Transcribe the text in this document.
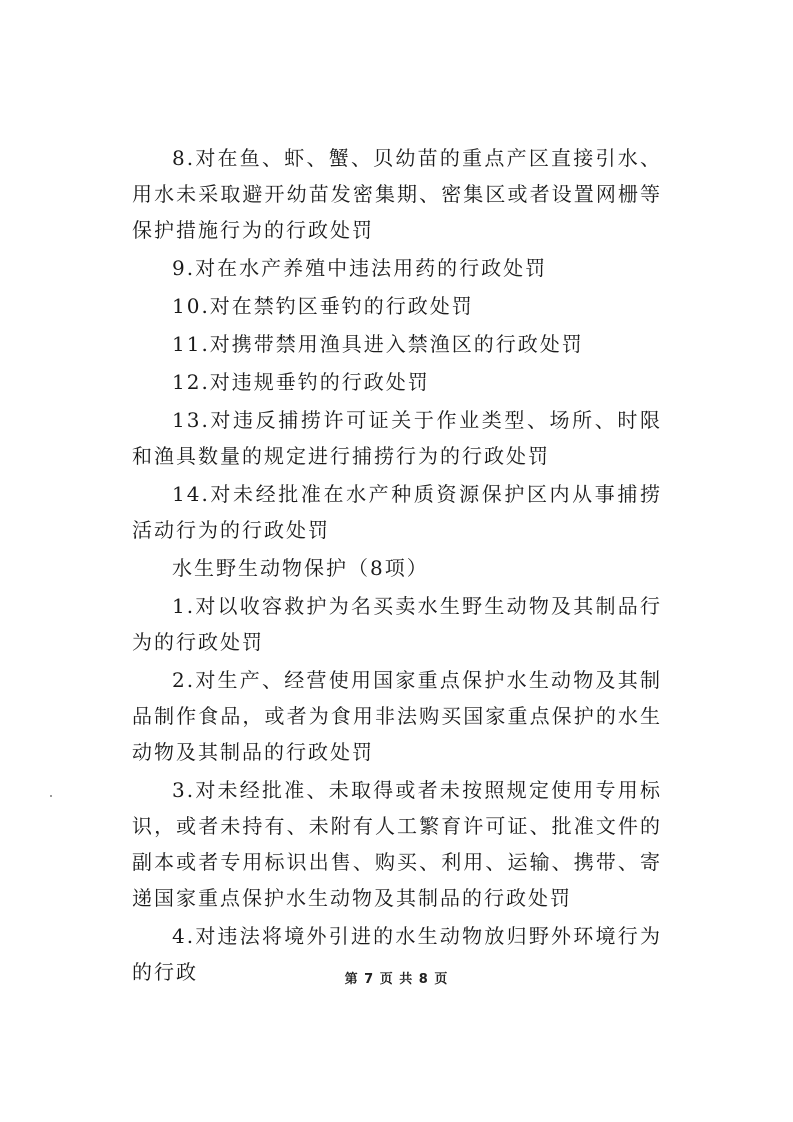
8.对在鱼、虾、蟹、贝幼苗的重点产区直接引水、用水未采取避开幼苗发密集期、密集区或者设置网栅等保护措施行为的行政处罚

9.对在水产养殖中违法用药的行政处罚

10.对在禁钓区垂钓的行政处罚

11.对携带禁用渔具进入禁渔区的行政处罚

12.对违规垂钓的行政处罚

13.对违反捕捞许可证关于作业类型、场所、时限和渔具数量的规定进行捕捞行为的行政处罚

14.对未经批准在水产种质资源保护区内从事捕捞活动行为的行政处罚

水生野生动物保护（8项）

1.对以收容救护为名买卖水生野生动物及其制品行为的行政处罚

2.对生产、经营使用国家重点保护水生动物及其制品制作食品，或者为食用非法购买国家重点保护的水生动物及其制品的行政处罚

3.对未经批准、未取得或者未按照规定使用专用标识，或者未持有、未附有人工繁育许可证、批准文件的副本或者专用标识出售、购买、利用、运输、携带、寄递国家重点保护水生动物及其制品的行政处罚

4.对违法将境外引进的水生动物放归野外环境行为的行政	第 7 页 共 8 页
